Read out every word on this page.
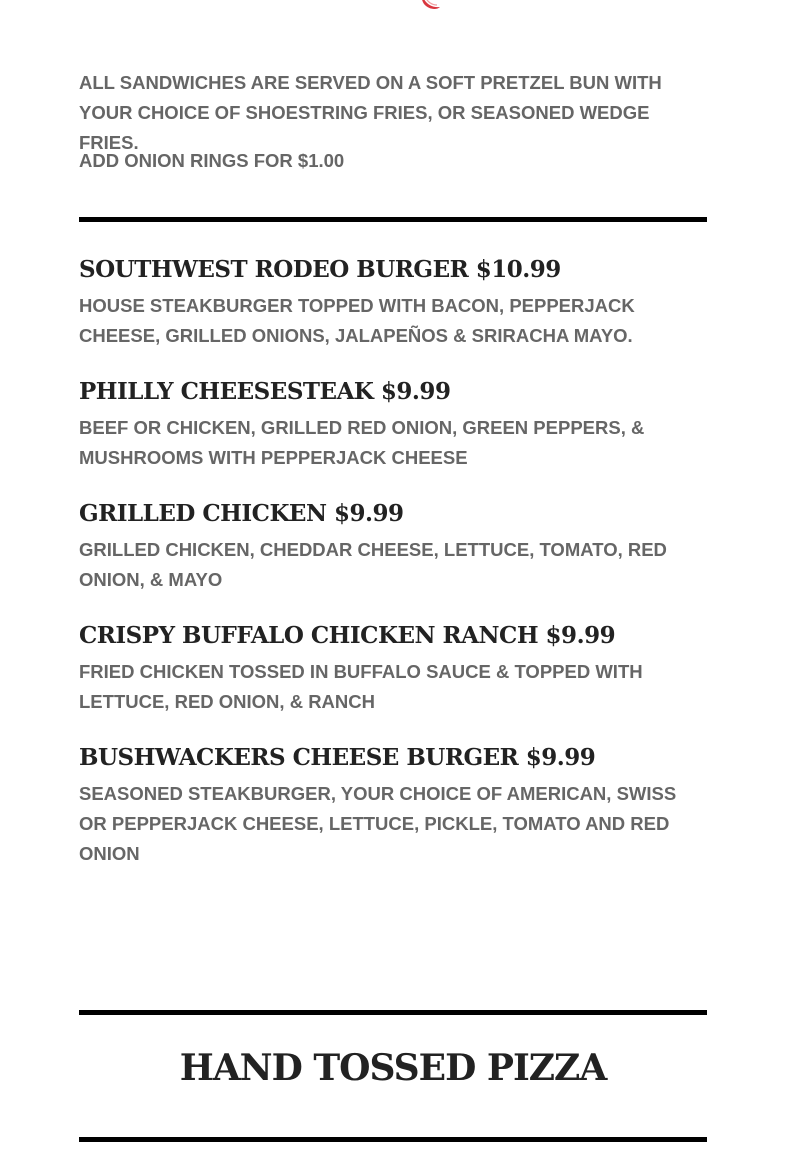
ALL SANDWICHES ARE SERVED ON A SOFT PRETZEL BUN WITH YOUR CHOICE OF SHOESTRING FRIES, OR SEASONED WEDGE FRIES.

ADD ONION RINGS FOR $1.00

SOUTHWEST RODEO BURGER $10.99

HOUSE STEAKBURGER TOPPED WITH BACON, PEPPERJACK CHEESE, GRILLED ONIONS, JALAPEÑOS & SRIRACHA MAYO.

PHILLY CHEESESTEAK $9.99

BEEF OR CHICKEN, GRILLED RED ONION, GREEN PEPPERS, & MUSHROOMS WITH PEPPERJACK CHEESE

GRILLED CHICKEN $9.99

GRILLED CHICKEN, CHEDDAR CHEESE, LETTUCE, TOMATO, RED ONION, & MAYO

CRISPY BUFFALO CHICKEN RANCH $9.99

FRIED CHICKEN TOSSED IN BUFFALO SAUCE & TOPPED WITH LETTUCE, RED ONION, & RANCH

BUSHWACKERS CHEESE BURGER $9.99

SEASONED STEAKBURGER, YOUR CHOICE OF AMERICAN, SWISS OR PEPPERJACK CHEESE, LETTUCE, PICKLE, TOMATO AND RED ONION

HAND TOSSED PIZZA
